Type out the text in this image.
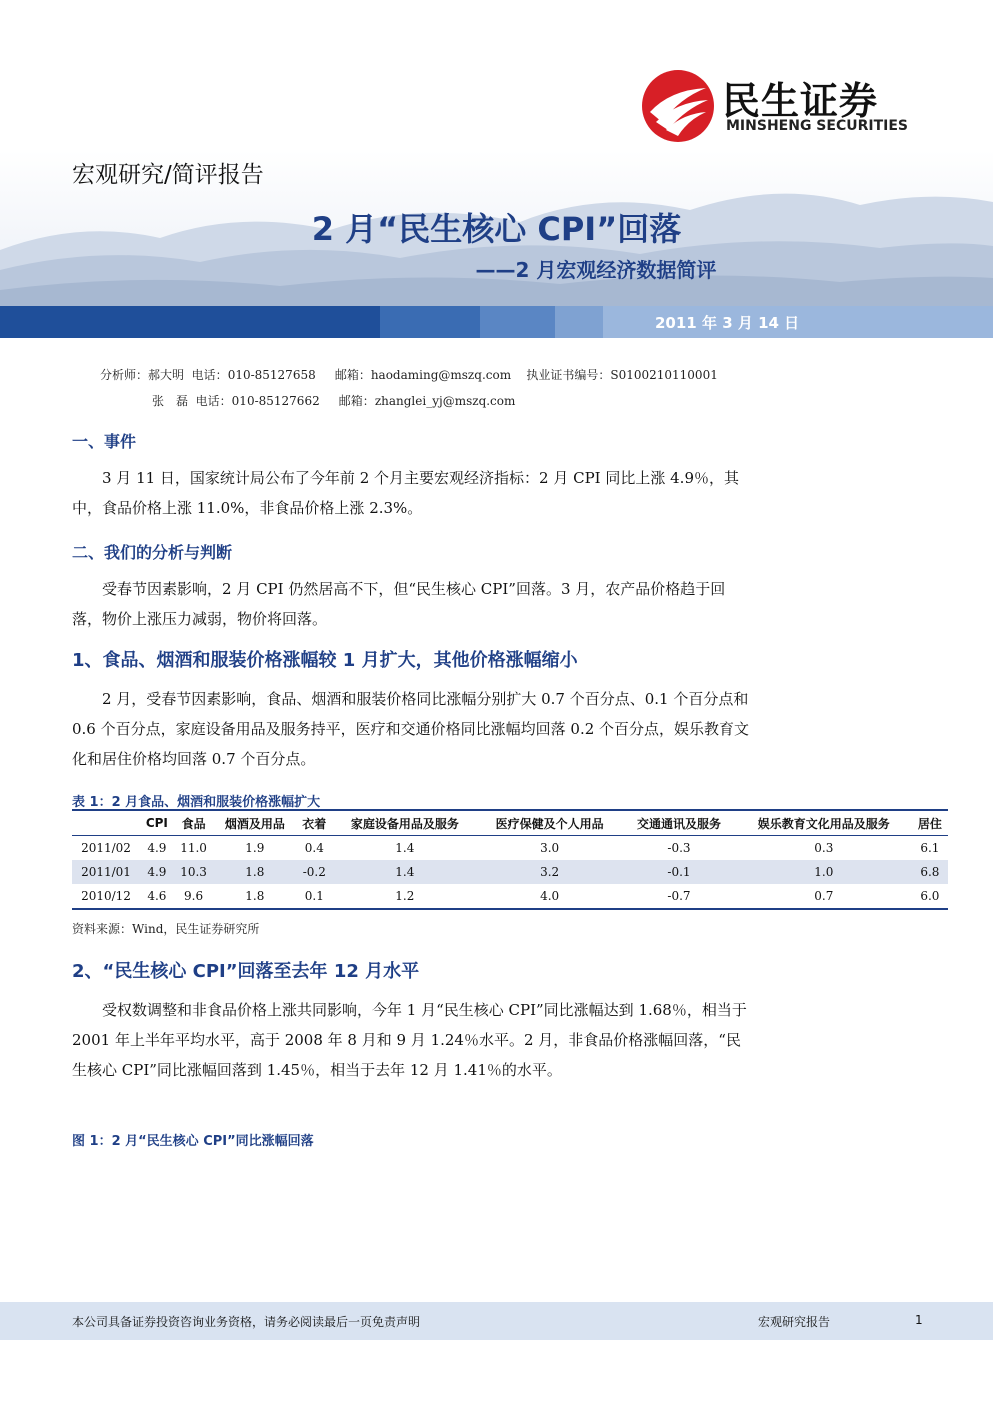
民生证券
MINSHENG SECURITIES
宏观研究/简评报告
2 月“民生核心 CPI”回落
——2 月宏观经济数据简评
2011 年 3 月 14 日
分析师：郝大明 电话：010-85127658 邮箱：haodaming@mszq.com 执业证书编号：S0100210110001
张　磊 电话：010-85127662 邮箱：zhanglei_yj@mszq.com
一、事件

3 月 11 日，国家统计局公布了今年前 2 个月主要宏观经济指标：2 月 CPI 同比上涨 4.9％，其中，食品价格上涨 11.0%，非食品价格上涨 2.3%。

二、我们的分析与判断

受春节因素影响，2 月 CPI 仍然居高不下，但“民生核心 CPI”回落。3 月，农产品价格趋于回落，物价上涨压力减弱，物价将回落。

1、食品、烟酒和服装价格涨幅较 1 月扩大，其他价格涨幅缩小

2 月，受春节因素影响，食品、烟酒和服装价格同比涨幅分别扩大 0.7 个百分点、0.1 个百分点和 0.6 个百分点，家庭设备用品及服务持平，医疗和交通价格同比涨幅均回落 0.2 个百分点，娱乐教育文化和居住价格均回落 0.7 个百分点。

表 1：2 月食品、烟酒和服装价格涨幅扩大
	CPI	食品	烟酒及用品	衣着	家庭设备用品及服务	医疗保健及个人用品	交通通讯及服务	娱乐教育文化用品及服务	居住
2011/02	4.9	11.0	1.9	0.4	1.4	3.0	-0.3	0.3	6.1
2011/01	4.9	10.3	1.8	-0.2	1.4	3.2	-0.1	1.0	6.8
2010/12	4.6	9.6	1.8	0.1	1.2	4.0	-0.7	0.7	6.0
资料来源：Wind，民生证券研究所
2、“民生核心 CPI”回落至去年 12 月水平

受权数调整和非食品价格上涨共同影响，今年 1 月“民生核心 CPI”同比涨幅达到 1.68％，相当于 2001 年上半年平均水平，高于 2008 年 8 月和 9 月 1.24％水平。2 月，非食品价格涨幅回落，“民生核心 CPI”同比涨幅回落到 1.45％，相当于去年 12 月 1.41％的水平。

图 1：2 月“民生核心 CPI”同比涨幅回落
本公司具备证券投资咨询业务资格，请务必阅读最后一页免责声明	宏观研究报告	1
